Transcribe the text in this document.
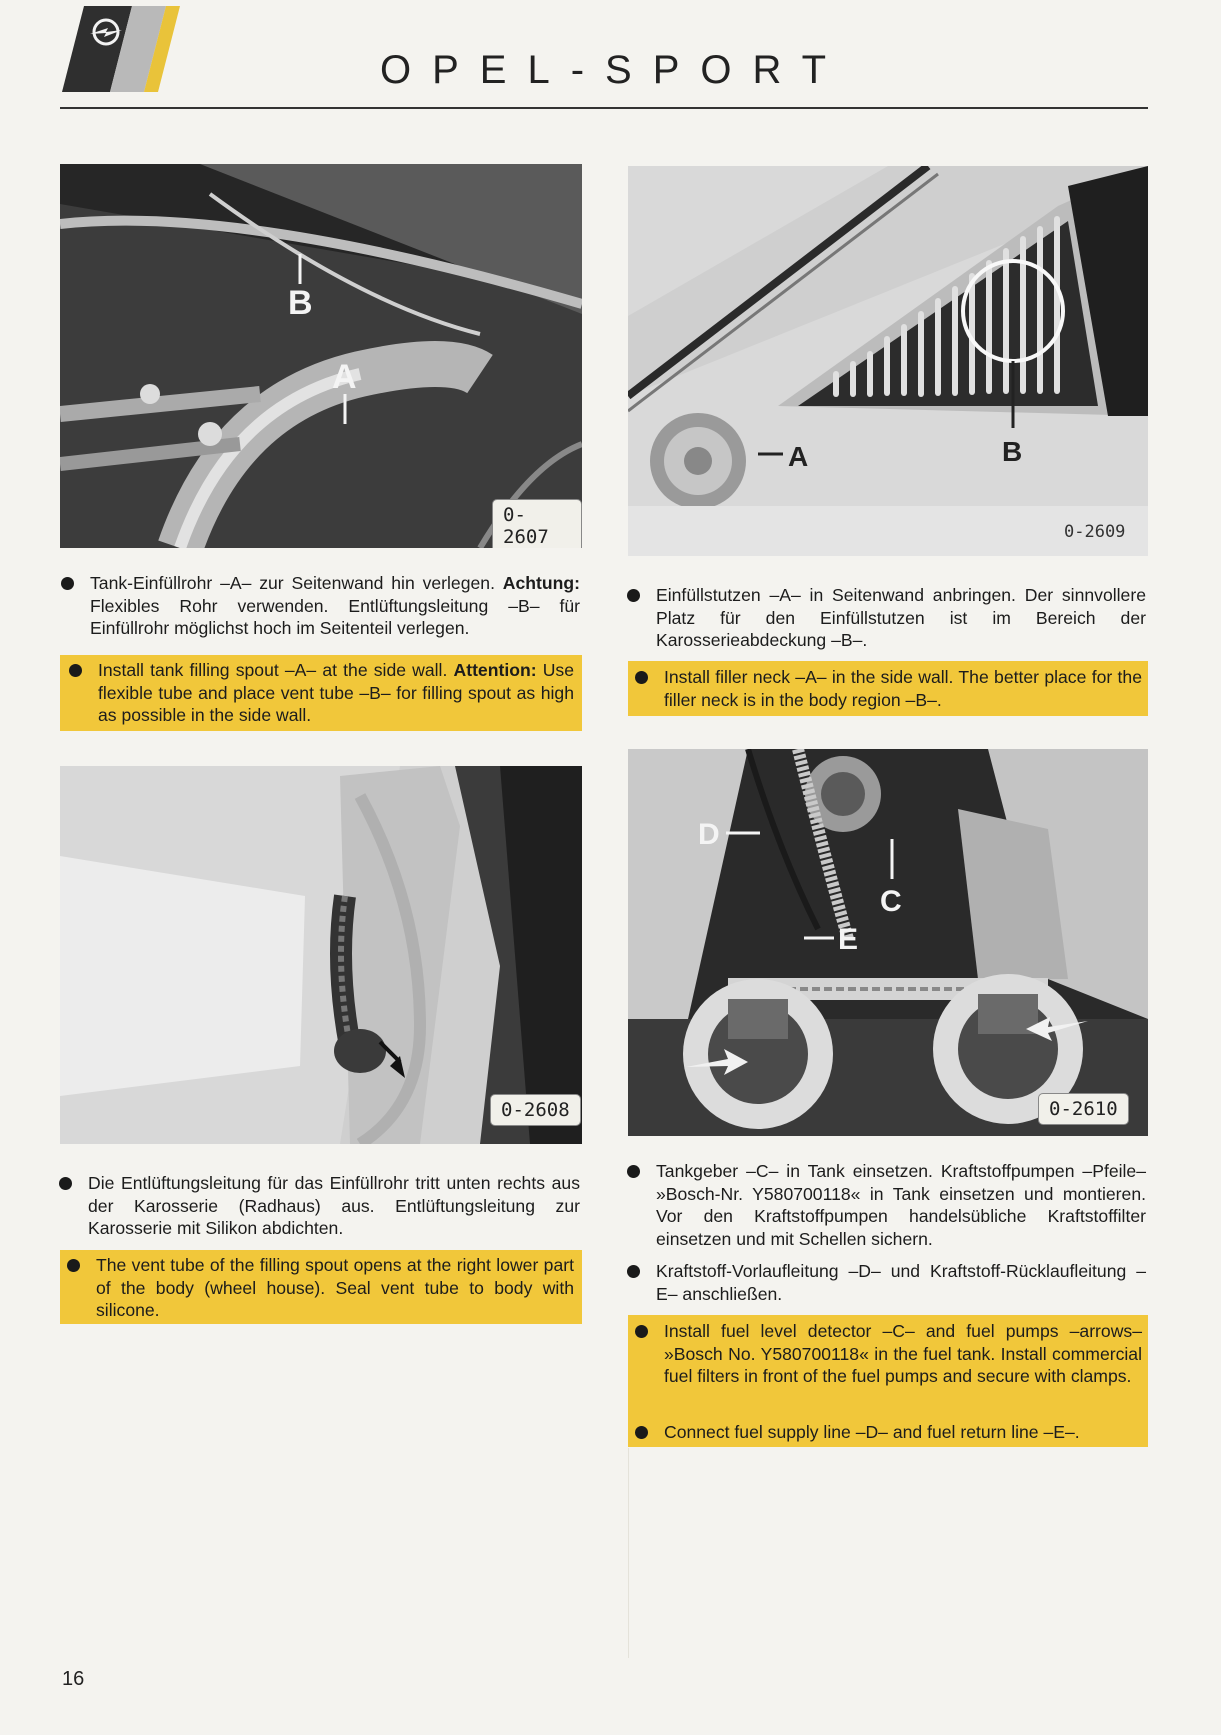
OPEL-SPORT
B
A
0-2607
A	B
0-2609
Tank-Einfüllrohr –A– zur Seitenwand hin verlegen. Achtung: Flexibles Rohr verwenden. Entlüftungsleitung –B– für Einfüllrohr möglichst hoch im Seitenteil verlegen.
Install tank filling spout –A– at the side wall. Attention: Use flexible tube and place vent tube –B– for filling spout as high as possible in the side wall.
Einfüllstutzen –A– in Seitenwand anbringen. Der sinnvollere Platz für den Einfüllstutzen ist im Bereich der Karosserieabdeckung –B–.
Install filler neck –A– in the side wall. The better place for the filler neck is in the body region –B–.
0-2608
D
C
E
0-2610
Die Entlüftungsleitung für das Einfüllrohr tritt unten rechts aus der Karosserie (Radhaus) aus. Entlüftungsleitung zur Karosserie mit Silikon abdichten.
The vent tube of the filling spout opens at the right lower part of the body (wheel house). Seal vent tube to body with silicone.
Tankgeber –C– in Tank einsetzen. Kraftstoffpumpen –Pfeile– »Bosch-Nr. Y580700118« in Tank einsetzen und montieren. Vor den Kraftstoffpumpen handelsübliche Kraftstoffilter einsetzen und mit Schellen sichern.
Kraftstoff-Vorlaufleitung –D– und Kraftstoff-Rücklaufleitung –E– anschließen.
Install fuel level detector –C– and fuel pumps –arrows– »Bosch No. Y580700118« in the fuel tank. Install commercial fuel filters in front of the fuel pumps and secure with clamps.
Connect fuel supply line –D– and fuel return line –E–.
16
